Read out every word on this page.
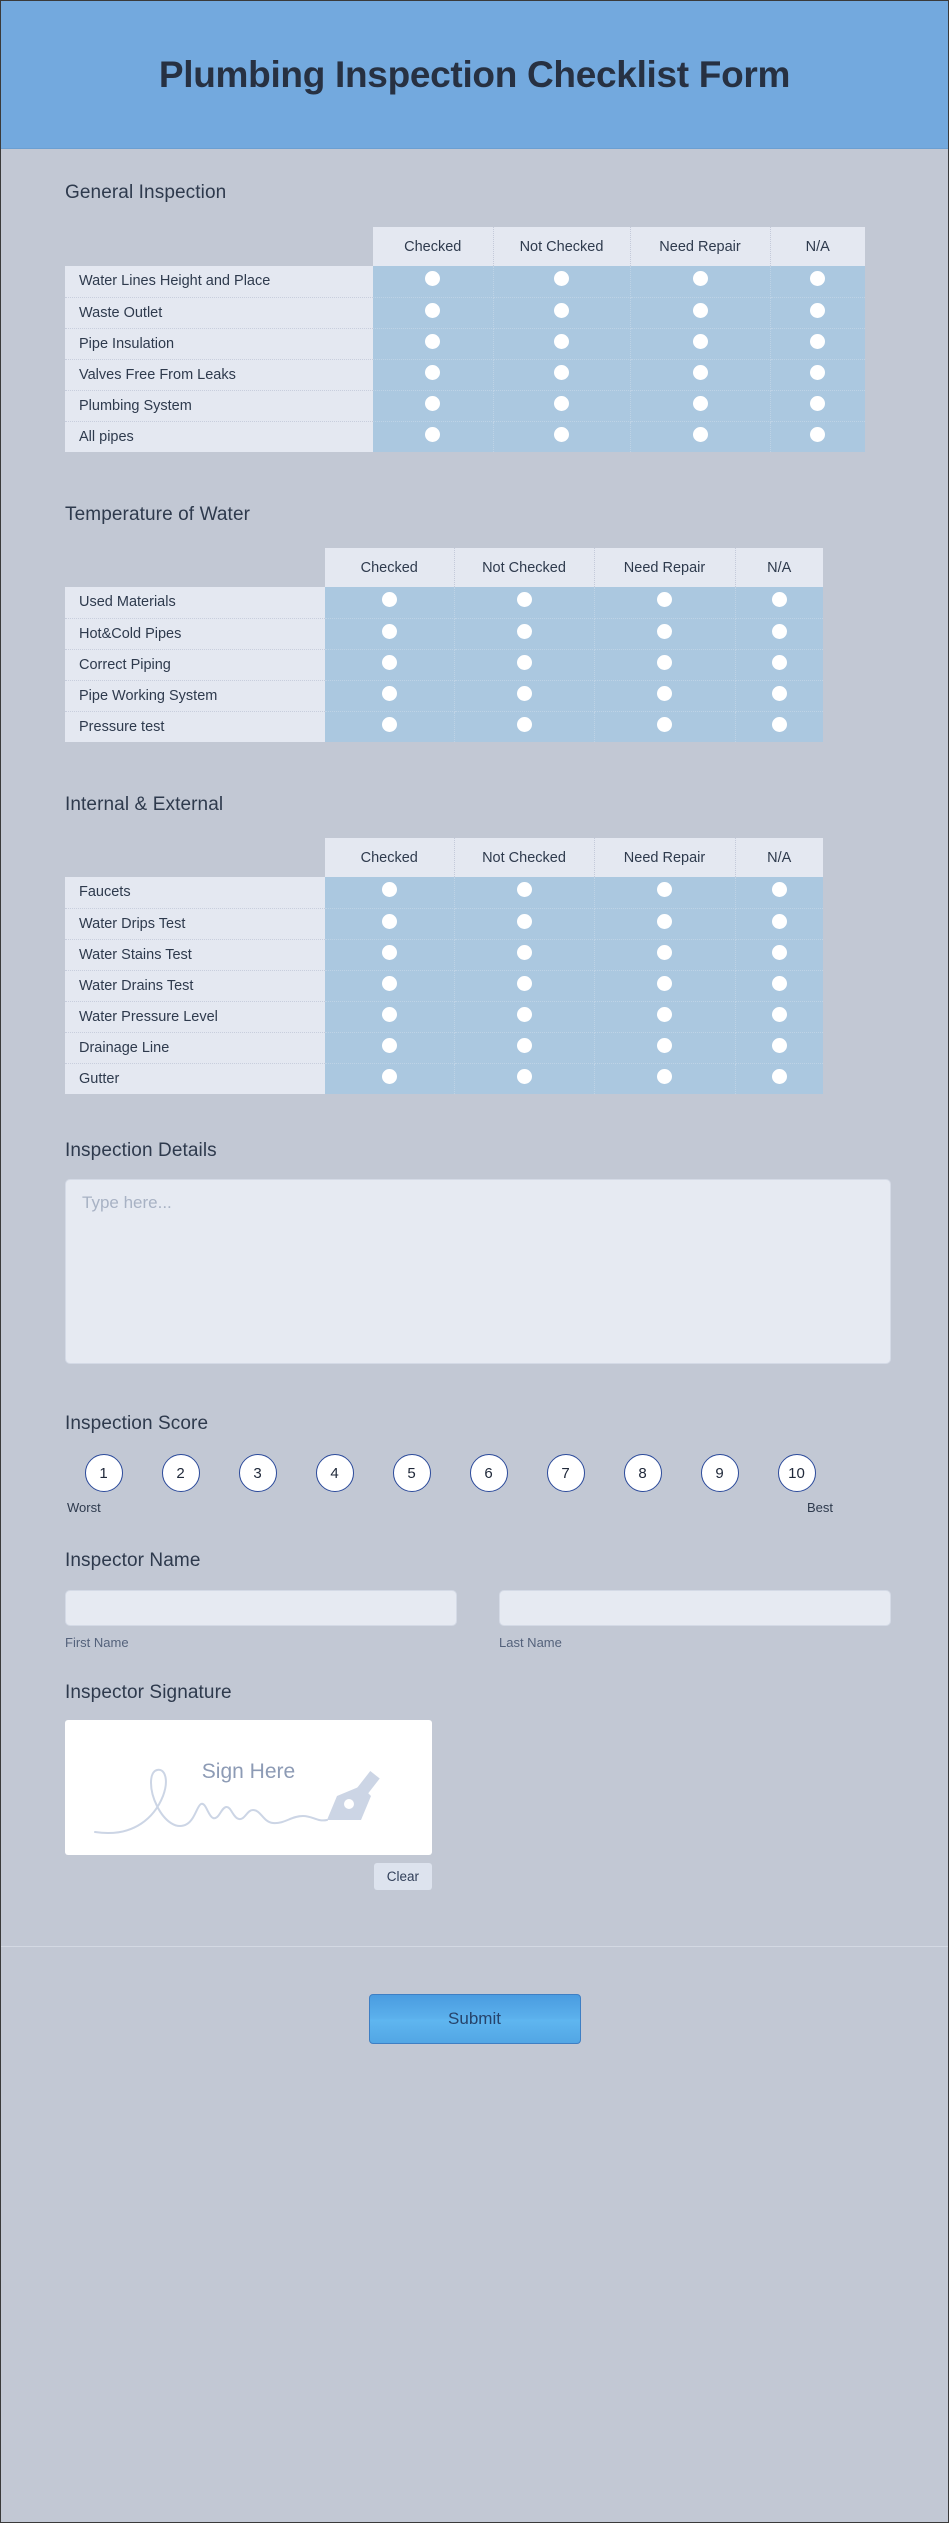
Plumbing Inspection Checklist Form
General Inspection
	Checked	Not Checked	Need Repair	N/A
Water Lines Height and Place				
Waste Outlet				
Pipe Insulation				
Valves Free From Leaks				
Plumbing System				
All pipes				
Temperature of Water
	Checked	Not Checked	Need Repair	N/A
Used Materials				
Hot&Cold Pipes				
Correct Piping				
Pipe Working System				
Pressure test				
Internal & External
	Checked	Not Checked	Need Repair	N/A
Faucets				
Water Drips Test				
Water Stains Test				
Water Drains Test				
Water Pressure Level				
Drainage Line				
Gutter				
Inspection Details
Type here...
Inspection Score
1
Worst
2	3	4	5	6	7	8	9	10
Best
Inspector Name
First Name	Last Name
Inspector Signature
Sign Here
Clear
Submit
